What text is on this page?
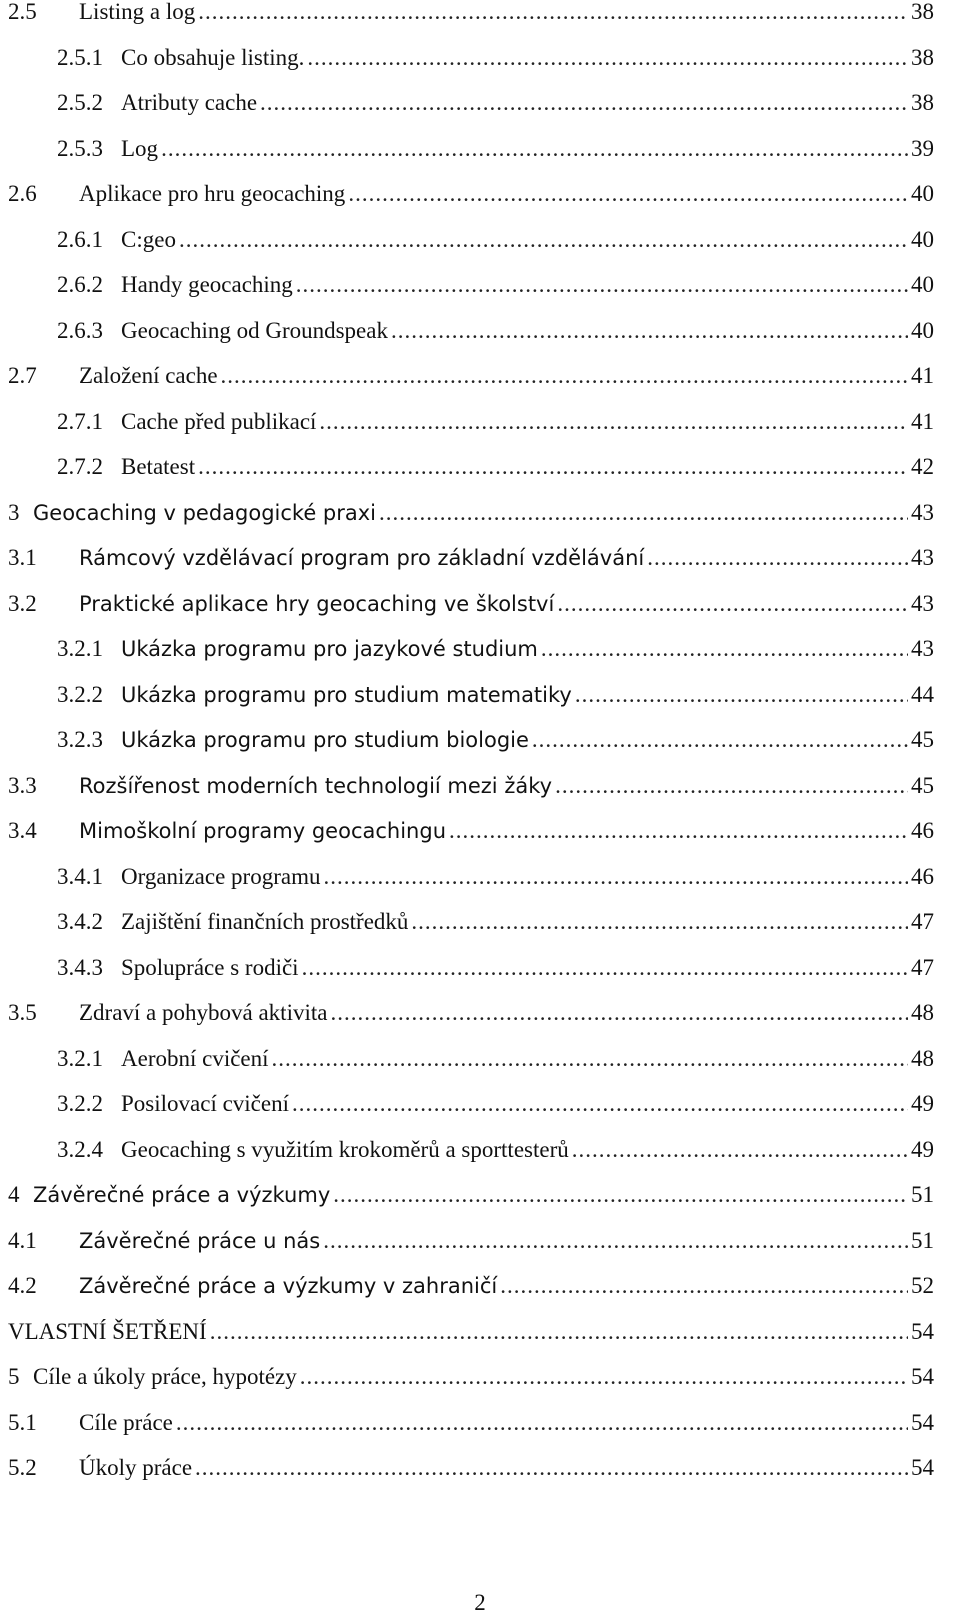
2.5	Listing a log .....	38
2.5.1 Co obsahuje listing. .....	38
2.5.2 Atributy cache .....	38
2.5.3 Log .....	39
2.6	Aplikace pro hru geocaching .....	40
2.6.1 C:geo .....	40
2.6.2 Handy geocaching .....	40
2.6.3 Geocaching od Groundspeak .....	40
2.7	Založení cache .....	41
2.7.1 Cache před publikací .....	41
2.7.2 Betatest .....	42
3 Geocaching v pedagogické praxi .....	43
3.1	Rámcový vzdělávací program pro základní vzdělávání .....	43
3.2	Praktické aplikace hry geocaching ve školství .....	43
3.2.1 Ukázka programu pro jazykové studium .....	43
3.2.2 Ukázka programu pro studium matematiky .....	44
3.2.3 Ukázka programu pro studium biologie .....	45
3.3	Rozšířenost moderních technologií mezi žáky .....	45
3.4	Mimoškolní programy geocachingu .....	46
3.4.1 Organizace programu .....	46
3.4.2 Zajištění finančních prostředků .....	47
3.4.3 Spolupráce s rodiči .....	47
3.5	Zdraví a pohybová aktivita .....	48
3.2.1 Aerobní cvičení .....	48
3.2.2 Posilovací cvičení .....	49
3.2.4 Geocaching s využitím krokoměrů a sporttesterů .....	49
4 Závěrečné práce a výzkumy .....	51
4.1	Závěrečné práce u nás .....	51
4.2	Závěrečné práce a výzkumy v zahraničí .....	52
VLASTNÍ ŠETŘENÍ .....	54
5 Cíle a úkoly práce, hypotézy .....	54
5.1	Cíle práce .....	54
5.2	Úkoly práce .....	54
2
